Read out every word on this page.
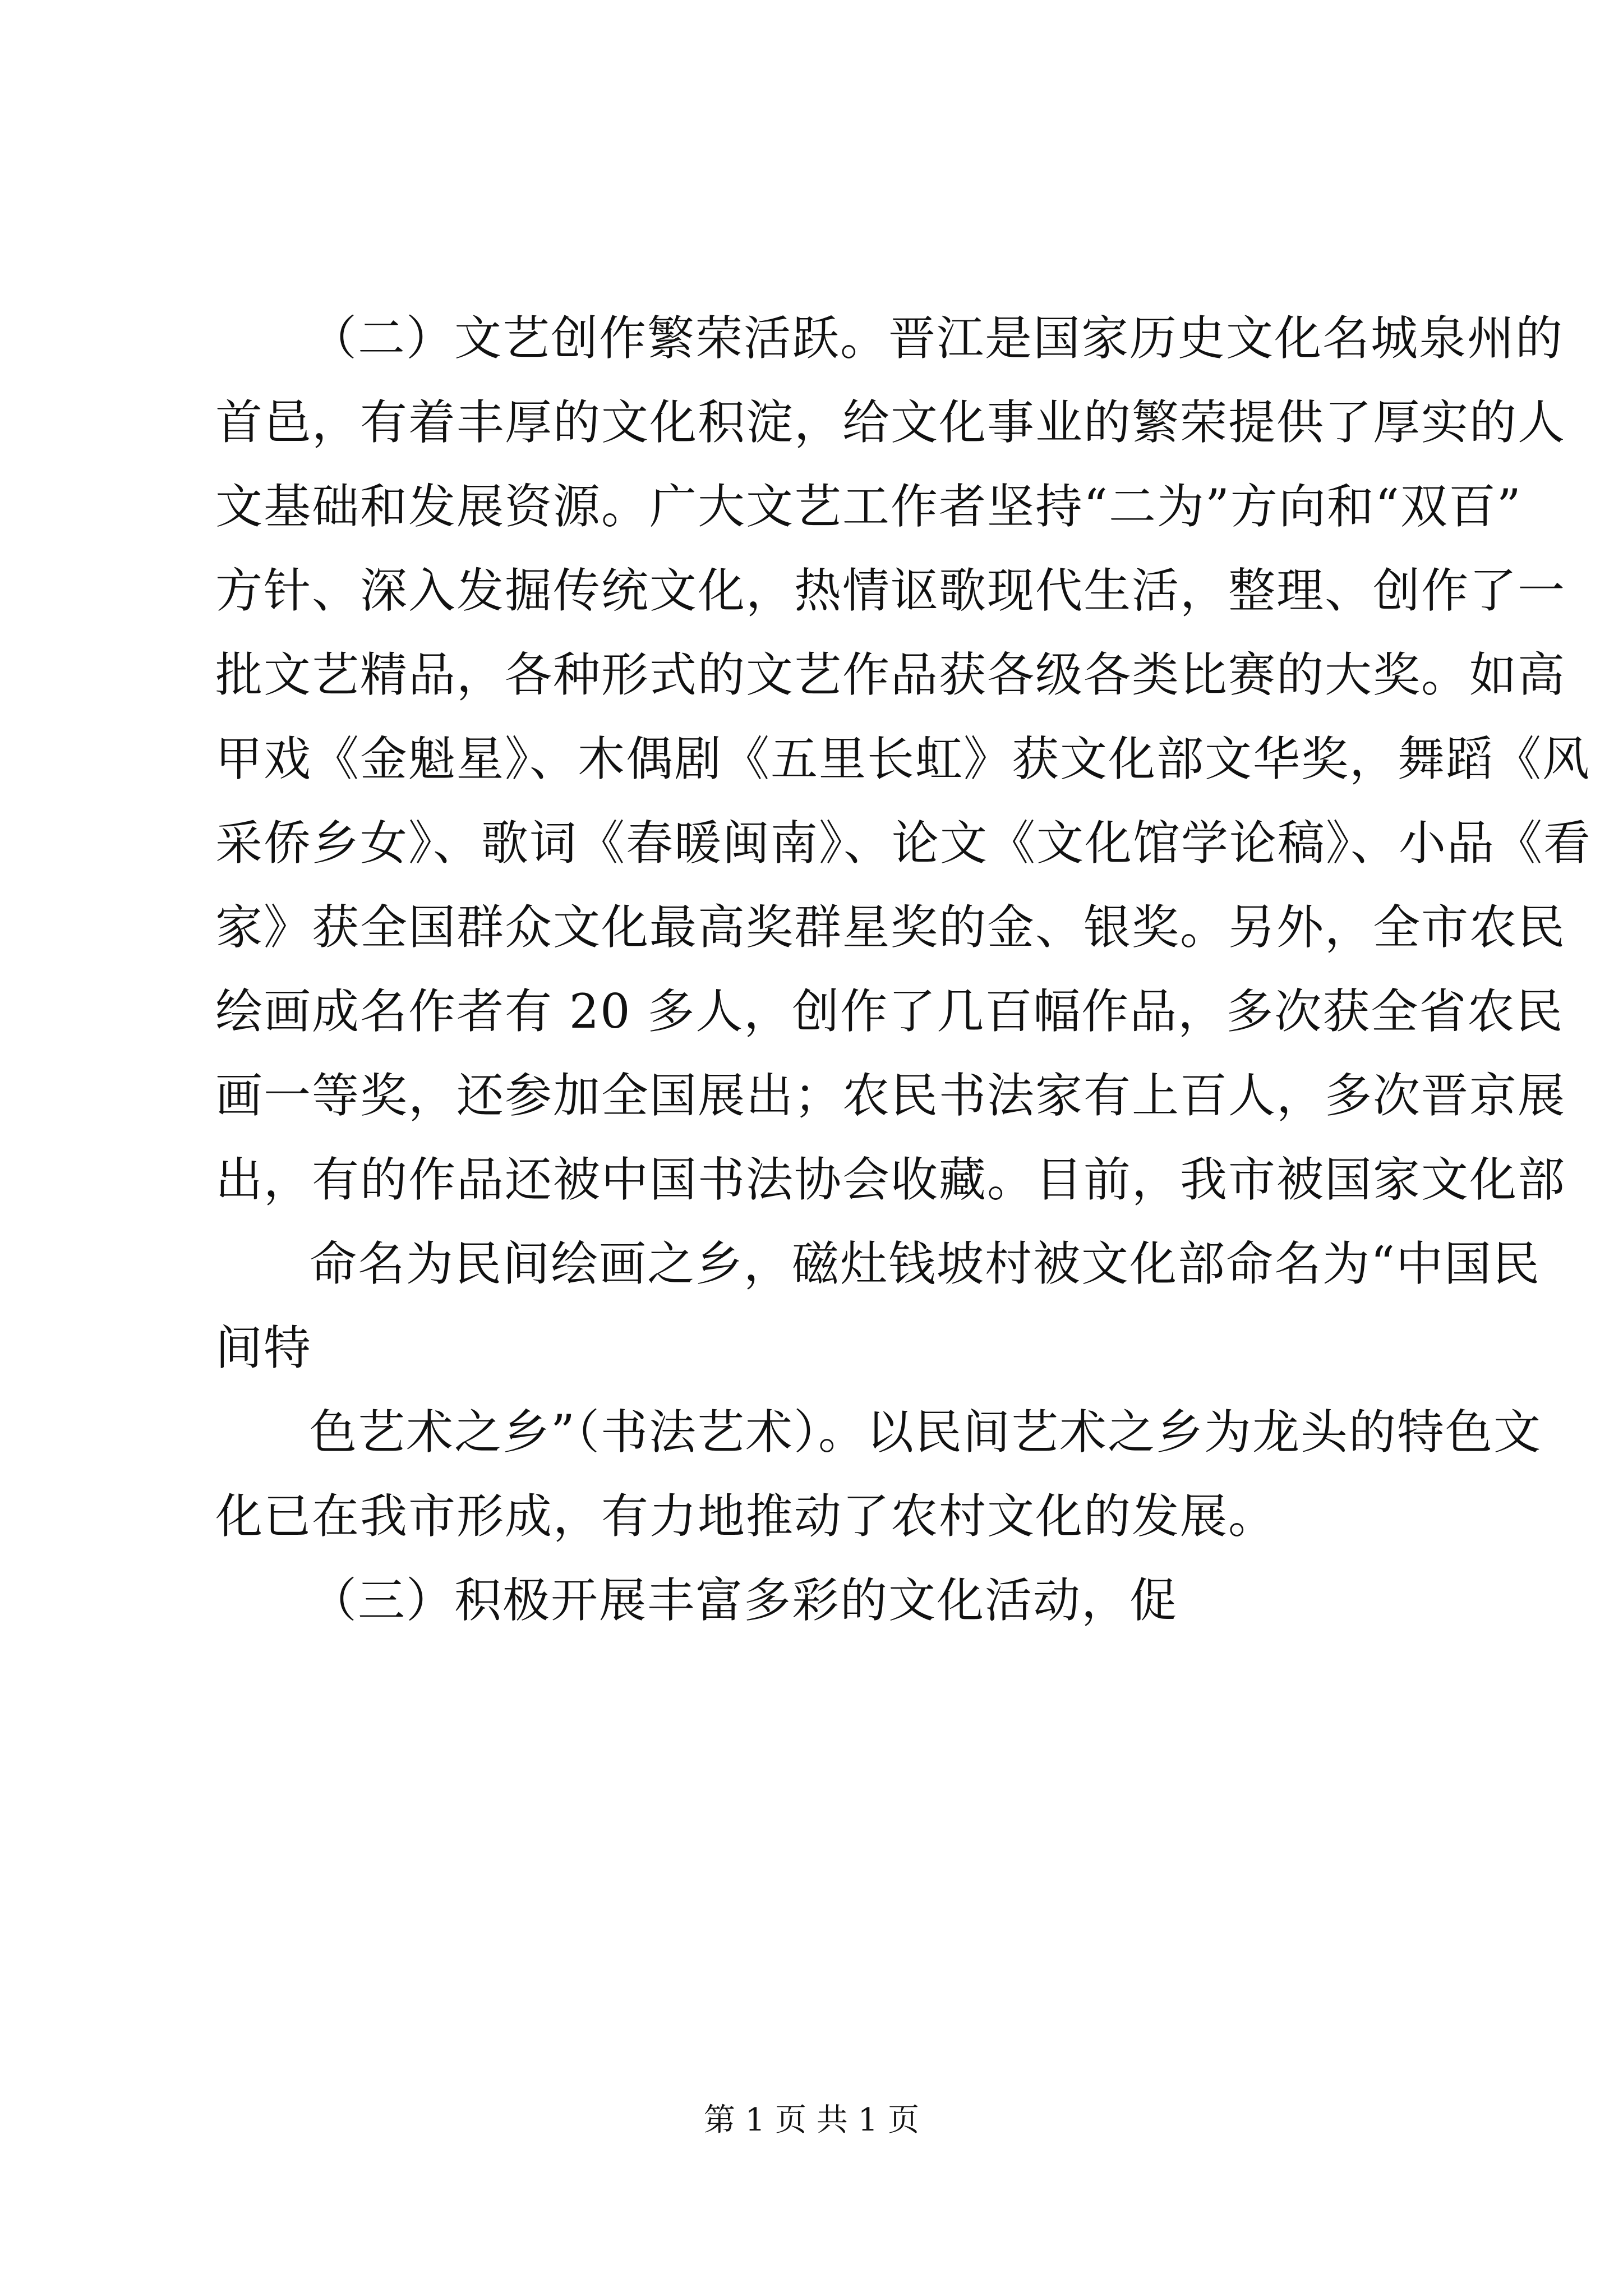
（二）文艺创作繁荣活跃。晋江是国家历史文化名城泉州的
首邑，有着丰厚的文化积淀，给文化事业的繁荣提供了厚实的人
文基础和发展资源。广大文艺工作者坚持“二为”方向和“双百”
方针、深入发掘传统文化，热情讴歌现代生活，整理、创作了一
批文艺精品，各种形式的文艺作品获各级各类比赛的大奖。如高
甲戏《金魁星》、木偶剧《五里长虹》获文化部文华奖，舞蹈《风
采侨乡女》、歌词《春暖闽南》、论文《文化馆学论稿》、小品《看
家》获全国群众文化最高奖群星奖的金、银奖。另外，全市农民
绘画成名作者有 20 多人，创作了几百幅作品，多次获全省农民
画一等奖，还参加全国展出；农民书法家有上百人，多次晋京展
出，有的作品还被中国书法协会收藏。目前，我市被国家文化部
命名为民间绘画之乡，磁灶钱坡村被文化部命名为“中国民
间特
色艺术之乡”（书法艺术）。以民间艺术之乡为龙头的特色文
化已在我市形成，有力地推动了农村文化的发展。
（三）积极开展丰富多彩的文化活动，促
第 1 页 共 1 页
